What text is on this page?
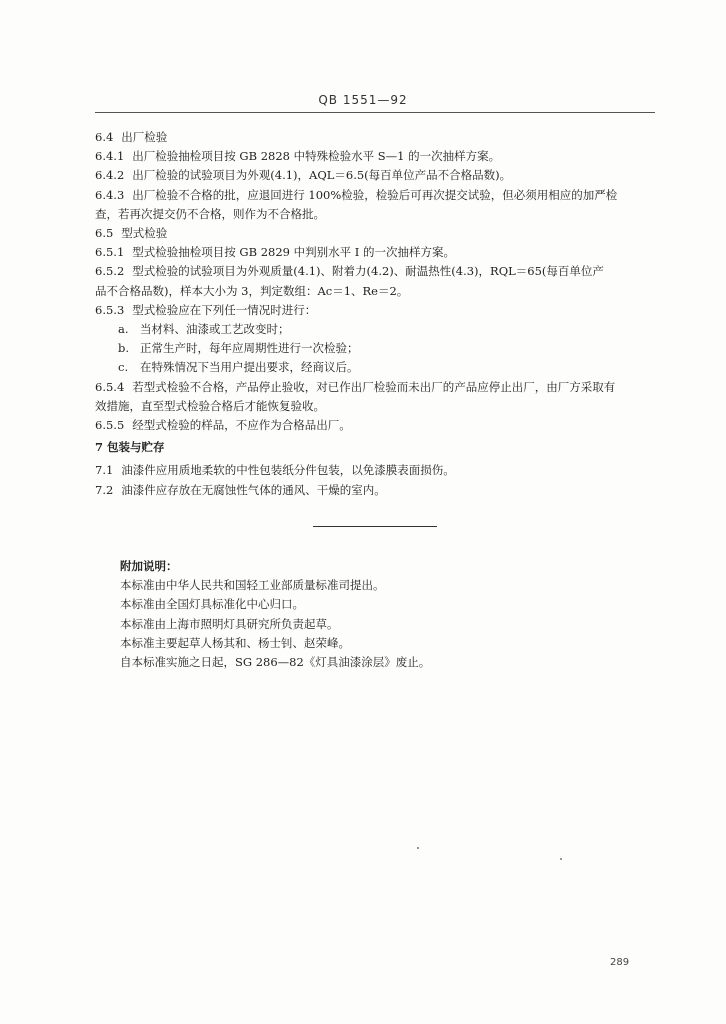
QB 1551—92
6.4 出厂检验
6.4.1 出厂检验抽检项目按 GB 2828 中特殊检验水平 S—1 的一次抽样方案。
6.4.2 出厂检验的试验项目为外观(4.1)，AQL＝6.5(每百单位产品不合格品数)。
6.4.3 出厂检验不合格的批，应退回进行 100%检验，检验后可再次提交试验，但必须用相应的加严检
查，若再次提交仍不合格，则作为不合格批。
6.5 型式检验
6.5.1 型式检验抽检项目按 GB 2829 中判别水平 I 的一次抽样方案。
6.5.2 型式检验的试验项目为外观质量(4.1)、附着力(4.2)、耐温热性(4.3)，RQL＝65(每百单位产
品不合格品数)，样本大小为 3，判定数组：Ac＝1、Re＝2。
6.5.3 型式检验应在下列任一情况时进行：
a. 当材料、油漆或工艺改变时；
b. 正常生产时，每年应周期性进行一次检验；
c. 在特殊情况下当用户提出要求，经商议后。
6.5.4 若型式检验不合格，产品停止验收，对已作出厂检验而未出厂的产品应停止出厂，由厂方采取有
效措施，直至型式检验合格后才能恢复验收。
6.5.5 经型式检验的样品，不应作为合格品出厂。
7 包装与贮存
7.1 油漆件应用质地柔软的中性包装纸分件包装，以免漆膜表面损伤。
7.2 油漆件应存放在无腐蚀性气体的通风、干燥的室内。
附加说明：
本标准由中华人民共和国轻工业部质量标准司提出。
本标准由全国灯具标准化中心归口。
本标准由上海市照明灯具研究所负责起草。
本标准主要起草人杨其和、杨士钊、赵荣峰。
自本标准实施之日起，SG 286—82《灯具油漆涂层》废止。
289
